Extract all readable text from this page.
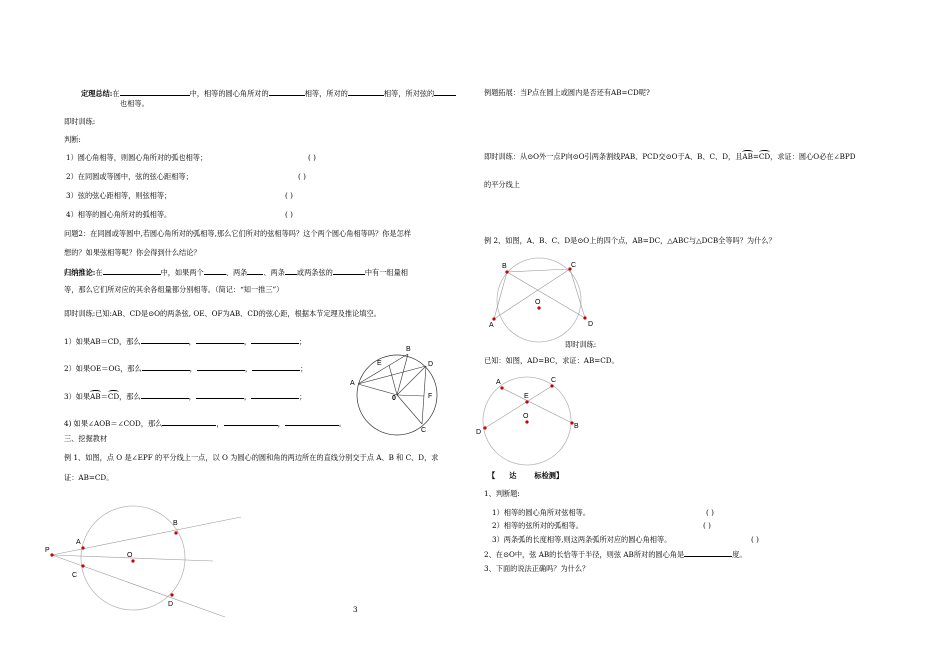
定理总结:在	中，相等的圆心角所对的	相等，所对的	相等，所对弦的
也相等。
即时训练:
判断:
1）圆心角相等，则圆心角所对的弧也相等；	( )
2）在同圆或等圆中，弦的弦心距相等；	( )
3）弦的弦心距相等，则弦相等；	( )
4）相等的圆心角所对的弧相等。	( )
问题2：在同圆或等圆中,若圆心角所对的弧相等,那么它们所对的弦相等吗？这个两个圆心角相等吗？你是怎样
想的？如果弦相等呢？你会得到什么结论？
归纳推论:在	中，如果两个	、两条 、两条 或两条弦的	中有一组量相
等，那么它们所对应的其余各组量都分别相等。（简记：“知一推三”）
即时训练:已知:AB、CD是⊙O的两条弦, OE、OF为AB、CD的弦心距，根据本节定理及推论填空。
1）如果AB＝CD，那么	，	，	；
2）如果OE＝OG，那么	，	，	；
3）如果AB＝CD，那么	，	，	；
4) 如果∠AOB＝∠COD，那么	，	，	。
三、挖掘教材
例 1、如图，点 O 是∠EPF 的平分线上一点，以 O 为圆心的圆和角的两边所在的直线分别交于点 A、B 和 C、D，求
证：AB=CD。
A
B
D
E
F
C
0
P
A
B
O
C
D
3
例题拓展：当P点在圆上或圆内是否还有AB=CD呢?
即时训练：从⊙O外一点P向⊙O引两条割线PAB、PCD交⊙O于A、B、C、D，且AB=CD，求证：圆心O必在∠BPD
的平分线上
例 2、如图，A、B、C、D是⊙O上的四个点，AB=DC，△ABC与△DCB全等吗？为什么？
B	C
O
A	D
即时训练:
已知：如图，AD=BC，求证：AB=CD。
A	C
B
E
O
D
【 达	标检测】
1、判断题:
1）相等的圆心角所对弦相等。	( )
2）相等的弦所对的弧相等。	( )
3）两条弧的长度相等,则这两条弧所对应的圆心角相等。	( )
2、在⊙O中，弦 AB的长恰等于半径，则弦 AB所对的圆心角是	度。
3、下面的说法正确吗？为什么？
